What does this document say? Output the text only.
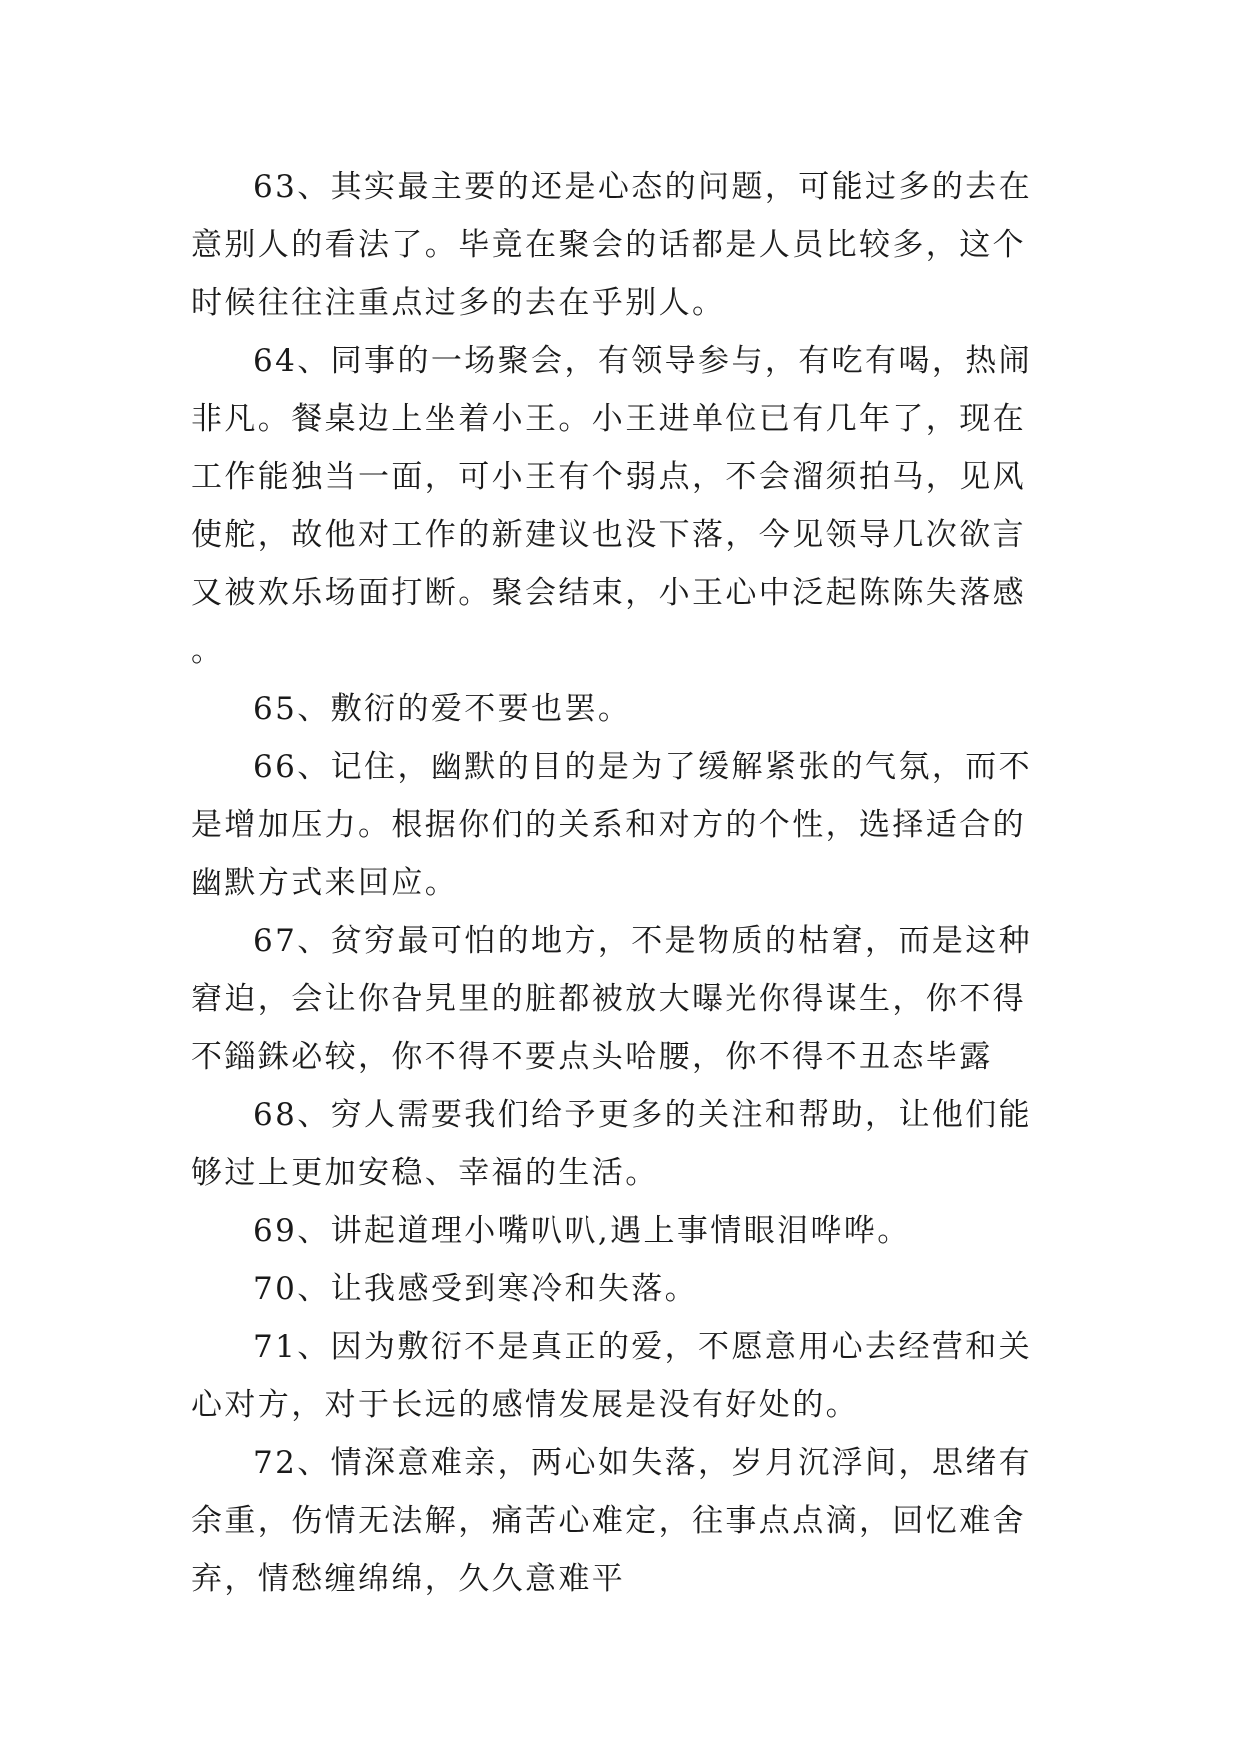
63、其实最主要的还是心态的问题，可能过多的去在意别人的看法了。毕竟在聚会的话都是人员比较多，这个时候往往注重点过多的去在乎别人。

64、同事的一场聚会，有领导参与，有吃有喝，热闹非凡。餐桌边上坐着小王。小王进单位已有几年了，现在工作能独当一面，可小王有个弱点，不会溜须拍马，见风使舵，故他对工作的新建议也没下落，今见领导几次欲言又被欢乐场面打断。聚会结束，小王心中泛起陈陈失落感。

65、敷衍的爱不要也罢。

66、记住，幽默的目的是为了缓解紧张的气氛，而不是增加压力。根据你们的关系和对方的个性，选择适合的幽默方式来回应。

67、贫穷最可怕的地方，不是物质的枯窘，而是这种窘迫，会让你旮旯里的脏都被放大曝光你得谋生，你不得不錙銖必较，你不得不要点头哈腰，你不得不丑态毕露

68、穷人需要我们给予更多的关注和帮助，让他们能够过上更加安稳、幸福的生活。

69、讲起道理小嘴叭叭,遇上事情眼泪哗哗。

70、让我感受到寒冷和失落。

71、因为敷衍不是真正的爱，不愿意用心去经营和关心对方，对于长远的感情发展是没有好处的。

72、情深意难亲，两心如失落，岁月沉浮间，思绪有余重，伤情无法解，痛苦心难定，往事点点滴，回忆难舍弃，情愁缠绵绵，久久意难平
